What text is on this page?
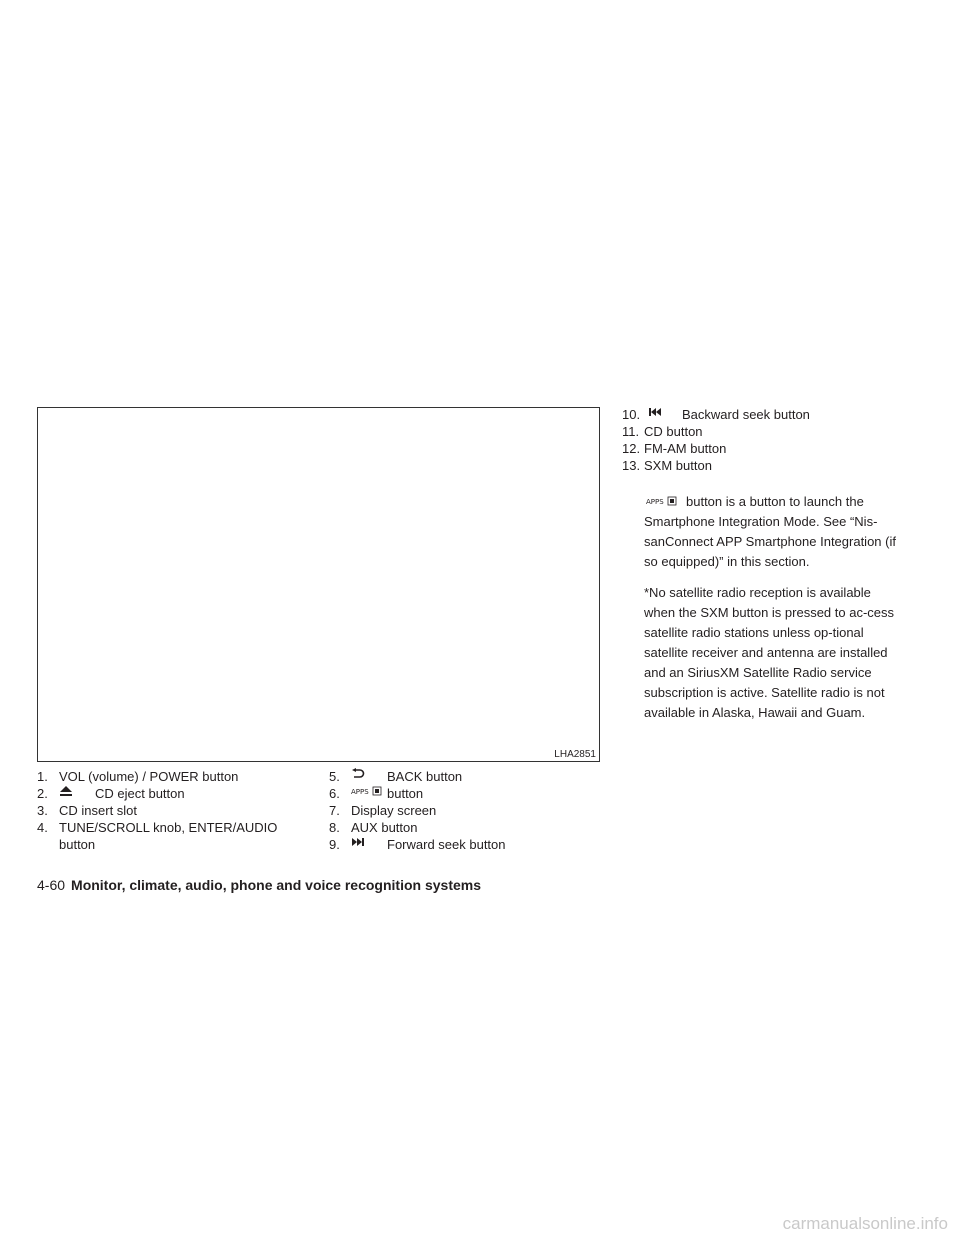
LHA2851
1. VOL (volume) / POWER button
2.	CD eject button
3. CD insert slot
4. TUNE/SCROLL knob, ENTER/AUDIO
button
5.	BACK button
6. APPS button
7. Display screen
8. AUX button
9.	Forward seek button
10.	Backward seek button
11. CD button
12. FM-AM button
13. SXM button

APPS button is a button to launch the Smartphone Integration Mode. See “Nis-sanConnect APP Smartphone Integration (if so equipped)” in this section.

*No satellite radio reception is available when the SXM button is pressed to ac-cess satellite radio stations unless op-tional satellite receiver and antenna are installed and an SiriusXM Satellite Radio service subscription is active. Satellite radio is not available in Alaska, Hawaii and Guam.

4-60 Monitor, climate, audio, phone and voice recognition systems
carmanualsonline.info
